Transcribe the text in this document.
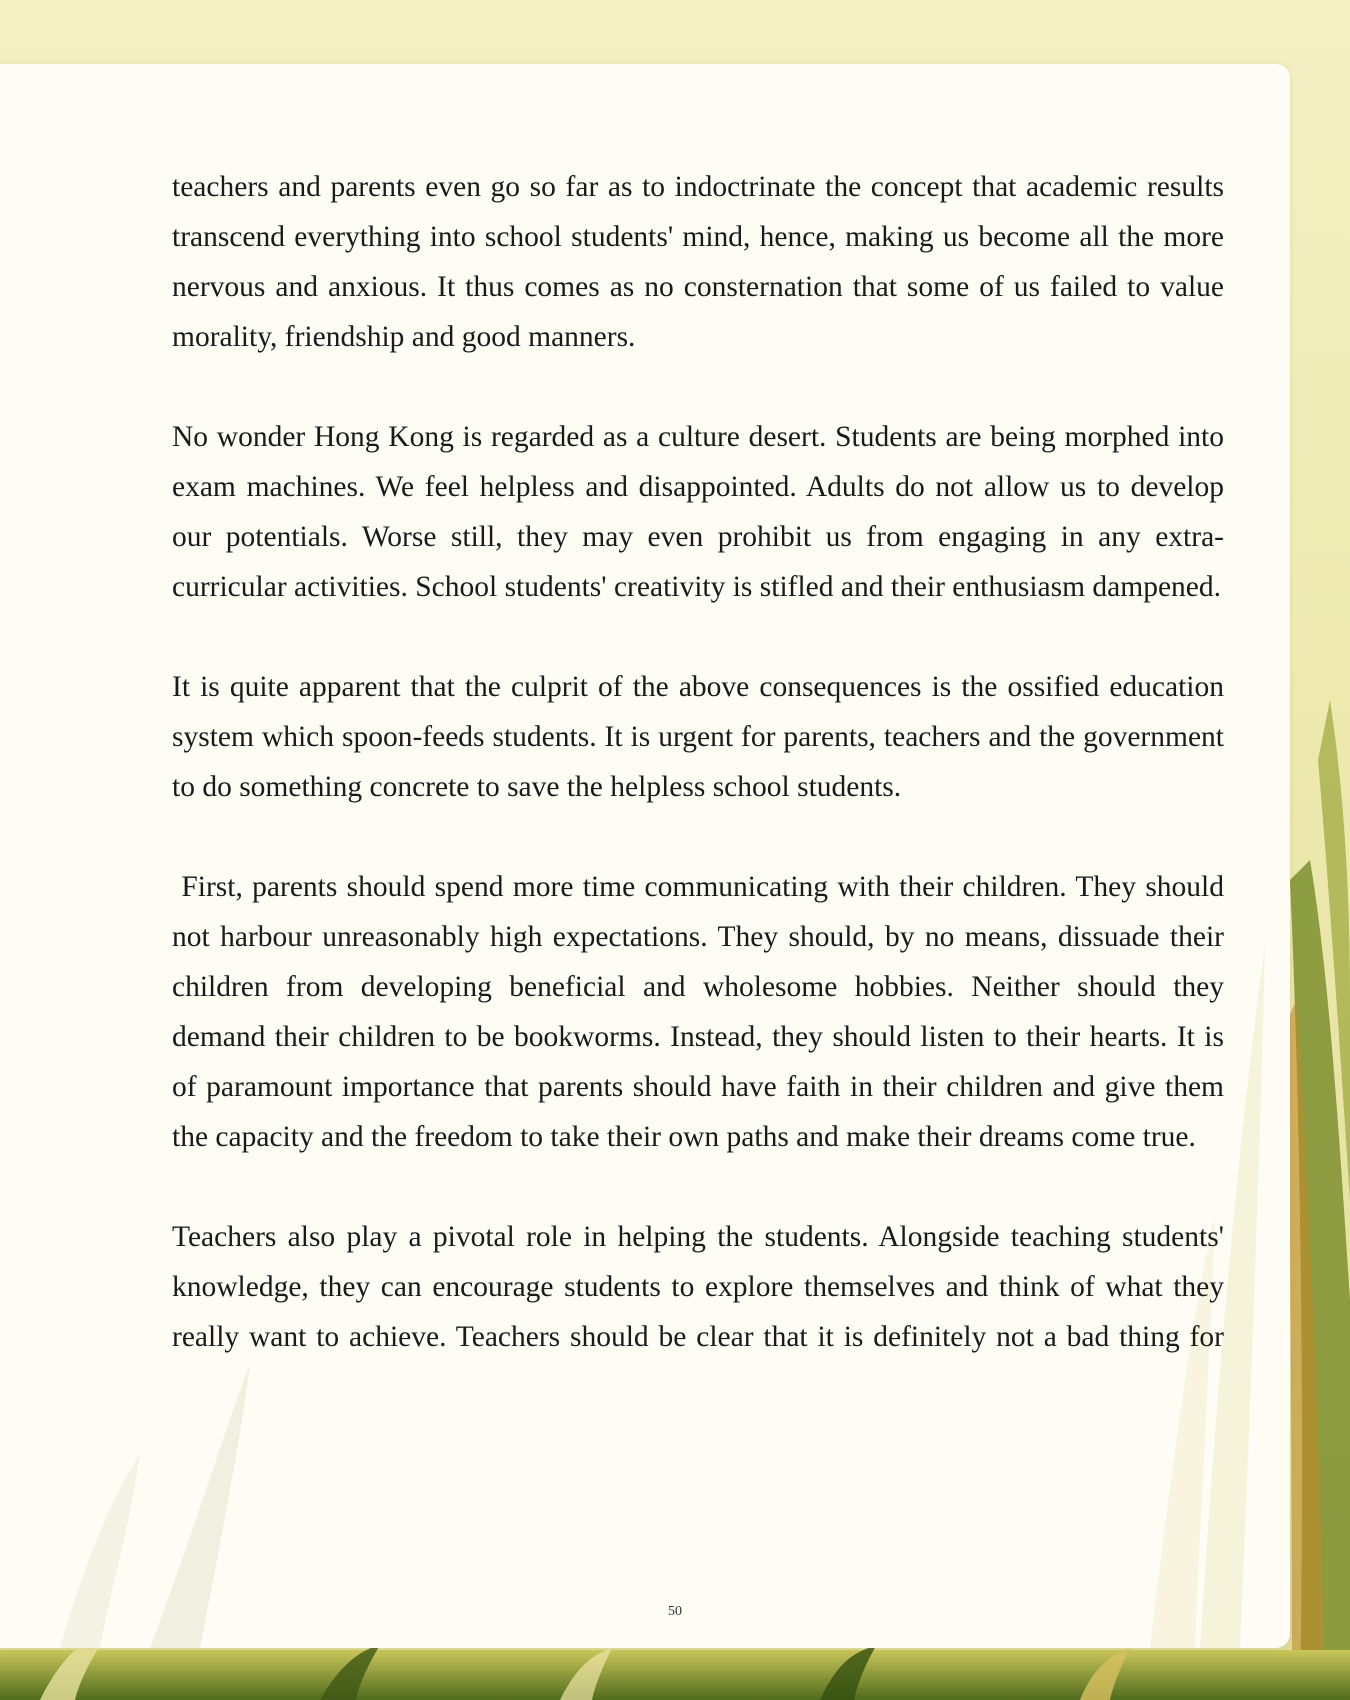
teachers and parents even go so far as to indoctrinate the concept that academic results transcend everything into school students' mind, hence, making us become all the more nervous and anxious. It thus comes as no consternation that some of us failed to value morality, friendship and good manners.

No wonder Hong Kong is regarded as a culture desert. Students are being morphed into exam machines. We feel helpless and disappointed. Adults do not allow us to develop our potentials. Worse still, they may even prohibit us from engaging in any extra-curricular activities. School students' creativity is stifled and their enthusiasm dampened.

It is quite apparent that the culprit of the above consequences is the ossified education system which spoon-feeds students. It is urgent for parents, teachers and the government to do something concrete to save the helpless school students.

First, parents should spend more time communicating with their children. They should not harbour unreasonably high expectations. They should, by no means, dissuade their children from developing beneficial and wholesome hobbies. Neither should they demand their children to be bookworms. Instead, they should listen to their hearts. It is of paramount importance that parents should have faith in their children and give them the capacity and the freedom to take their own paths and make their dreams come true.

Teachers also play a pivotal role in helping the students. Alongside teaching students' knowledge, they can encourage students to explore themselves and think of what they really want to achieve. Teachers should be clear that it is definitely not a bad thing for

50
